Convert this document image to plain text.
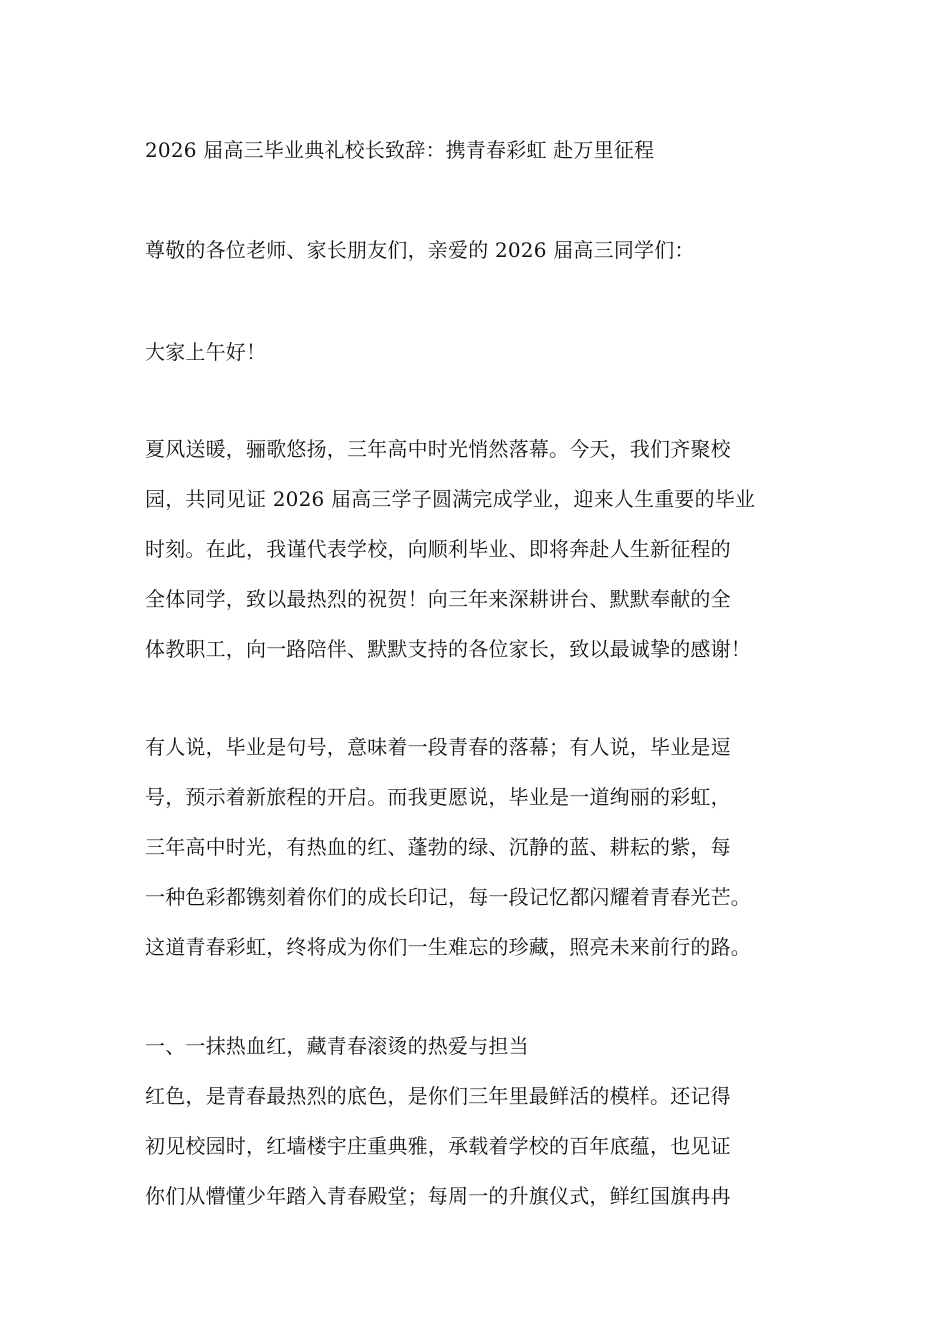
2026 届高三毕业典礼校长致辞：携青春彩虹 赴万里征程
尊敬的各位老师、家长朋友们，亲爱的 2026 届高三同学们：
大家上午好！
夏风送暖，骊歌悠扬，三年高中时光悄然落幕。今天，我们齐聚校
园，共同见证 2026 届高三学子圆满完成学业，迎来人生重要的毕业
时刻。在此，我谨代表学校，向顺利毕业、即将奔赴人生新征程的
全体同学，致以最热烈的祝贺！向三年来深耕讲台、默默奉献的全
体教职工，向一路陪伴、默默支持的各位家长，致以最诚挚的感谢！
有人说，毕业是句号，意味着一段青春的落幕；有人说，毕业是逗
号，预示着新旅程的开启。而我更愿说，毕业是一道绚丽的彩虹，
三年高中时光，有热血的红、蓬勃的绿、沉静的蓝、耕耘的紫，每
一种色彩都镌刻着你们的成长印记，每一段记忆都闪耀着青春光芒。
这道青春彩虹，终将成为你们一生难忘的珍藏，照亮未来前行的路。
一、一抹热血红，藏青春滚烫的热爱与担当
红色，是青春最热烈的底色，是你们三年里最鲜活的模样。还记得
初见校园时，红墙楼宇庄重典雅，承载着学校的百年底蕴，也见证
你们从懵懂少年踏入青春殿堂；每周一的升旗仪式，鲜红国旗冉冉
